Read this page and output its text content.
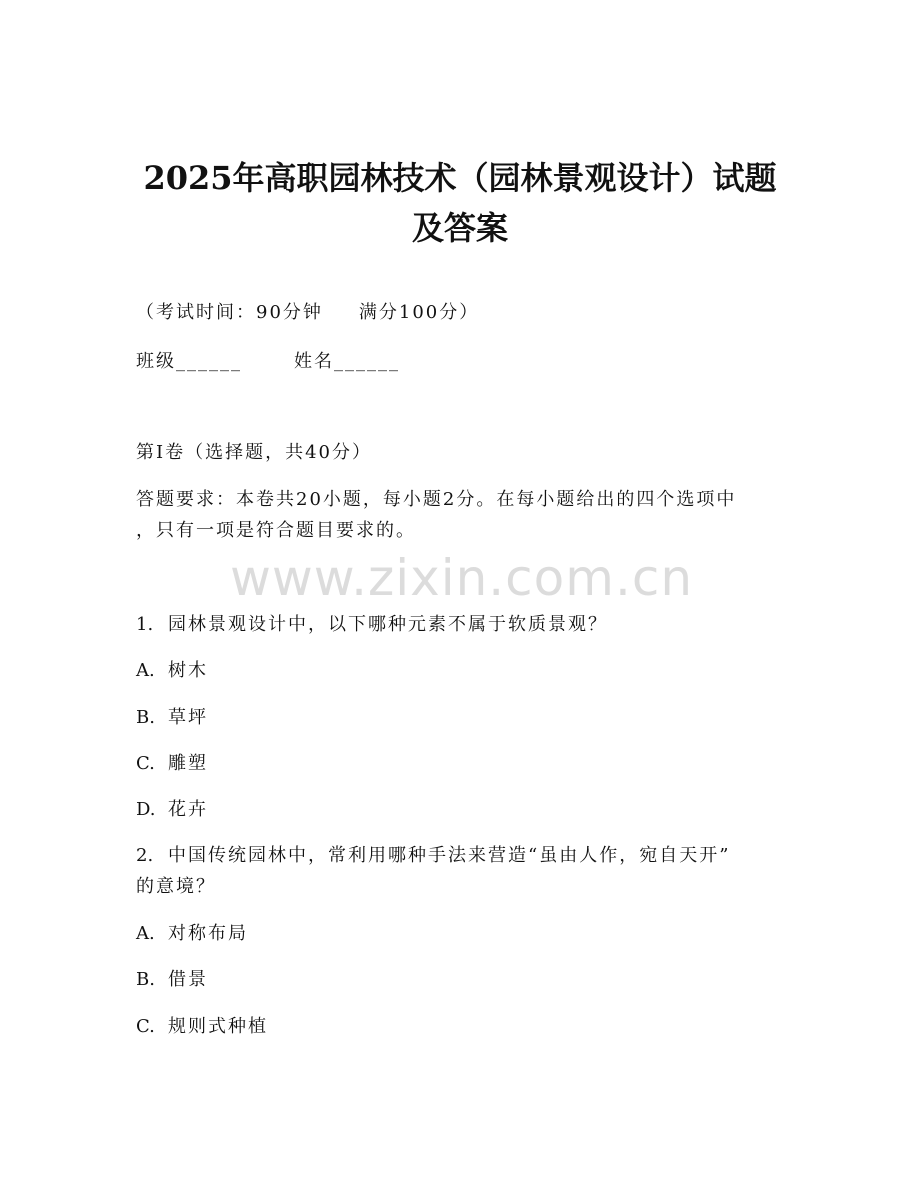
2025年高职园林技术（园林景观设计）试题
及答案
（考试时间：90分钟 满分100分）
班级______	姓名______
第I卷（选择题，共40分）
答题要求：本卷共20小题，每小题2分。在每小题给出的四个选项中
，只有一项是符合题目要求的。
www.zixin.com.cn
1. 园林景观设计中，以下哪种元素不属于软质景观？
A. 树木
B. 草坪
C. 雕塑
D. 花卉
2. 中国传统园林中，常利用哪种手法来营造“虽由人作，宛自天开”
的意境？
A. 对称布局
B. 借景
C. 规则式种植
